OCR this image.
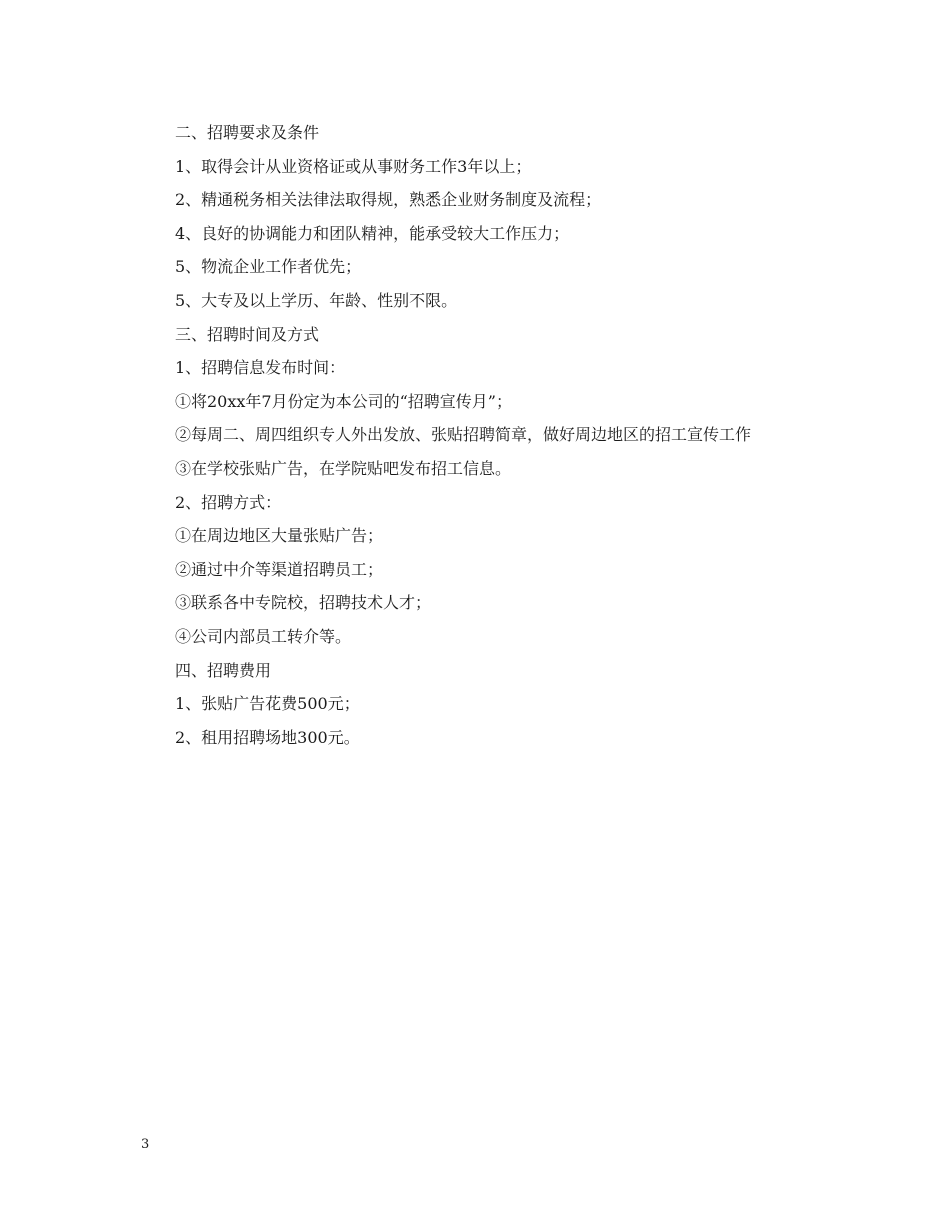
二、招聘要求及条件

1、取得会计从业资格证或从事财务工作3年以上；

2、精通税务相关法律法取得规，熟悉企业财务制度及流程；

4、良好的协调能力和团队精神，能承受较大工作压力；

5、物流企业工作者优先；

5、大专及以上学历、年龄、性别不限。

三、招聘时间及方式

1、招聘信息发布时间：

①将20xx年7月份定为本公司的“招聘宣传月”；

②每周二、周四组织专人外出发放、张贴招聘简章，做好周边地区的招工宣传工作

③在学校张贴广告，在学院贴吧发布招工信息。

2、招聘方式：

①在周边地区大量张贴广告；

②通过中介等渠道招聘员工；

③联系各中专院校，招聘技术人才；

④公司内部员工转介等。

四、招聘费用

1、张贴广告花费500元；

2、租用招聘场地300元。

3
